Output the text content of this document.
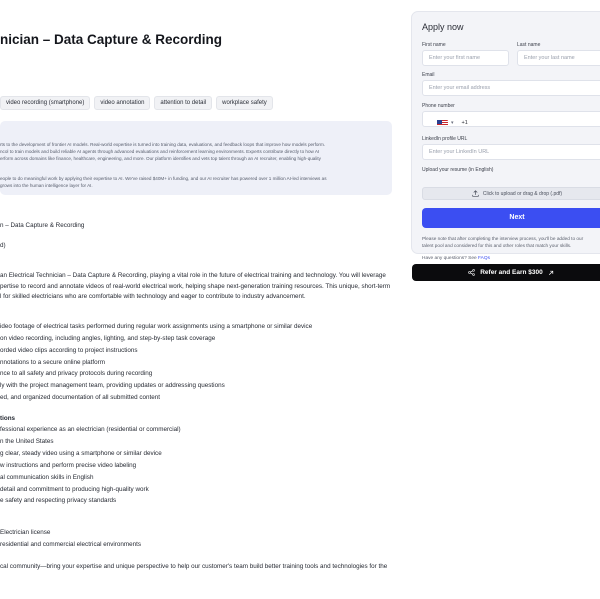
nician – Data Capture & Recording
video recording (smartphone)	video annotation	attention to detail	workplace safety

rts to the development of frontier AI models. Real-world expertise is turned into training data, evaluations, and feedback loops that improve how models perform.

ncol to train models and build reliable AI agents through advanced evaluations and reinforcement learning environments. Experts contribute directly to how AI

erform across domains like finance, healthcare, engineering, and more. Our platform identifies and vets top talent through an AI recruiter, enabling high-quality

eople to do meaningful work by applying their expertise to AI. We've raised $40M+ in funding, and our AI recruiter has powered over 1 million AI-led interviews as

grows into the human intelligence layer for AI.

n – Data Capture & Recording
d)
an Electrical Technician – Data Capture & Recording, playing a vital role in the future of electrical training and technology. You will leverage
pertise to record and annotate videos of real-world electrical work, helping shape next-generation training resources. This unique, short-term
l for skilled electricians who are comfortable with technology and eager to contribute to industry advancement.
ideo footage of electrical tasks performed during regular work assignments using a smartphone or similar device
on video recording, including angles, lighting, and step-by-step task coverage
orded video clips according to project instructions
nnotations to a secure online platform
nce to all safety and privacy protocols during recording
ly with the project management team, providing updates or addressing questions
ed, and organized documentation of all submitted content
tions
fessional experience as an electrician (residential or commercial)
n the United States
g clear, steady video using a smartphone or similar device
w instructions and perform precise video labeling
al communication skills in English
detail and commitment to producing high-quality work
e safety and respecting privacy standards
Electrician license
residential and commercial electrical environments
cal community—bring your expertise and unique perspective to help our customer's team build better training tools and technologies for the
Apply now
First name
Enter your first name
Last name
Enter your last name
Email
Enter your email address
Phone number
▾ +1
LinkedIn profile URL
Enter your LinkedIn URL
Upload your resume (in English)
Click to upload or drag & drop (.pdf)
Next
Please note that after completing the interview process, you'll be added to our
talent pool and considered for this and other roles that match your skills.
Have any questions? See FAQs
Refer and Earn $300
